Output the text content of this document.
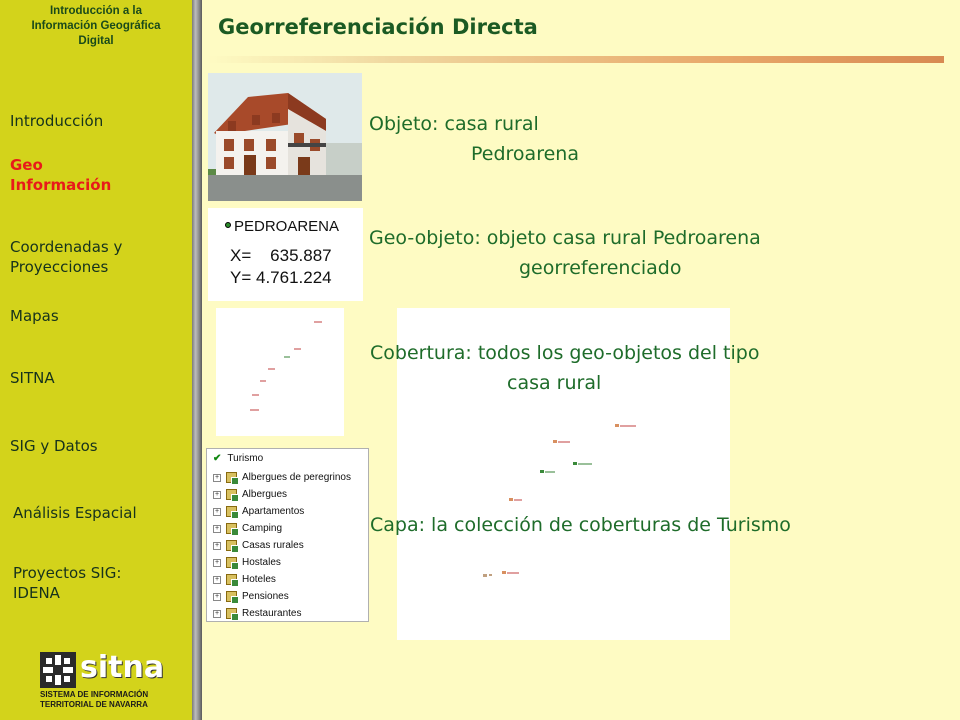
Introducción a la
Información Geográfica
Digital
Introducción
Geo
Información
Coordenadas y
Proyecciones
Mapas
SITNA
SIG y Datos
Análisis Espacial
Proyectos SIG:
IDENA
sitna
SISTEMA DE INFORMACIÓN
TERRITORIAL DE NAVARRA
Georreferenciación Directa
PEDROARENA
X=    635.887
Y= 4.761.224
✔ Turismo
+ Albergues de peregrinos
+ Albergues
+ Apartamentos
+ Camping
+ Casas rurales
+ Hostales
+ Hoteles
+ Pensiones
+ Restaurantes
Objeto: casa rural
Pedroarena
Geo-objeto: objeto casa rural Pedroarena
georreferenciado
Cobertura: todos los geo-objetos del tipo
casa rural
Capa: la colección de coberturas de Turismo
